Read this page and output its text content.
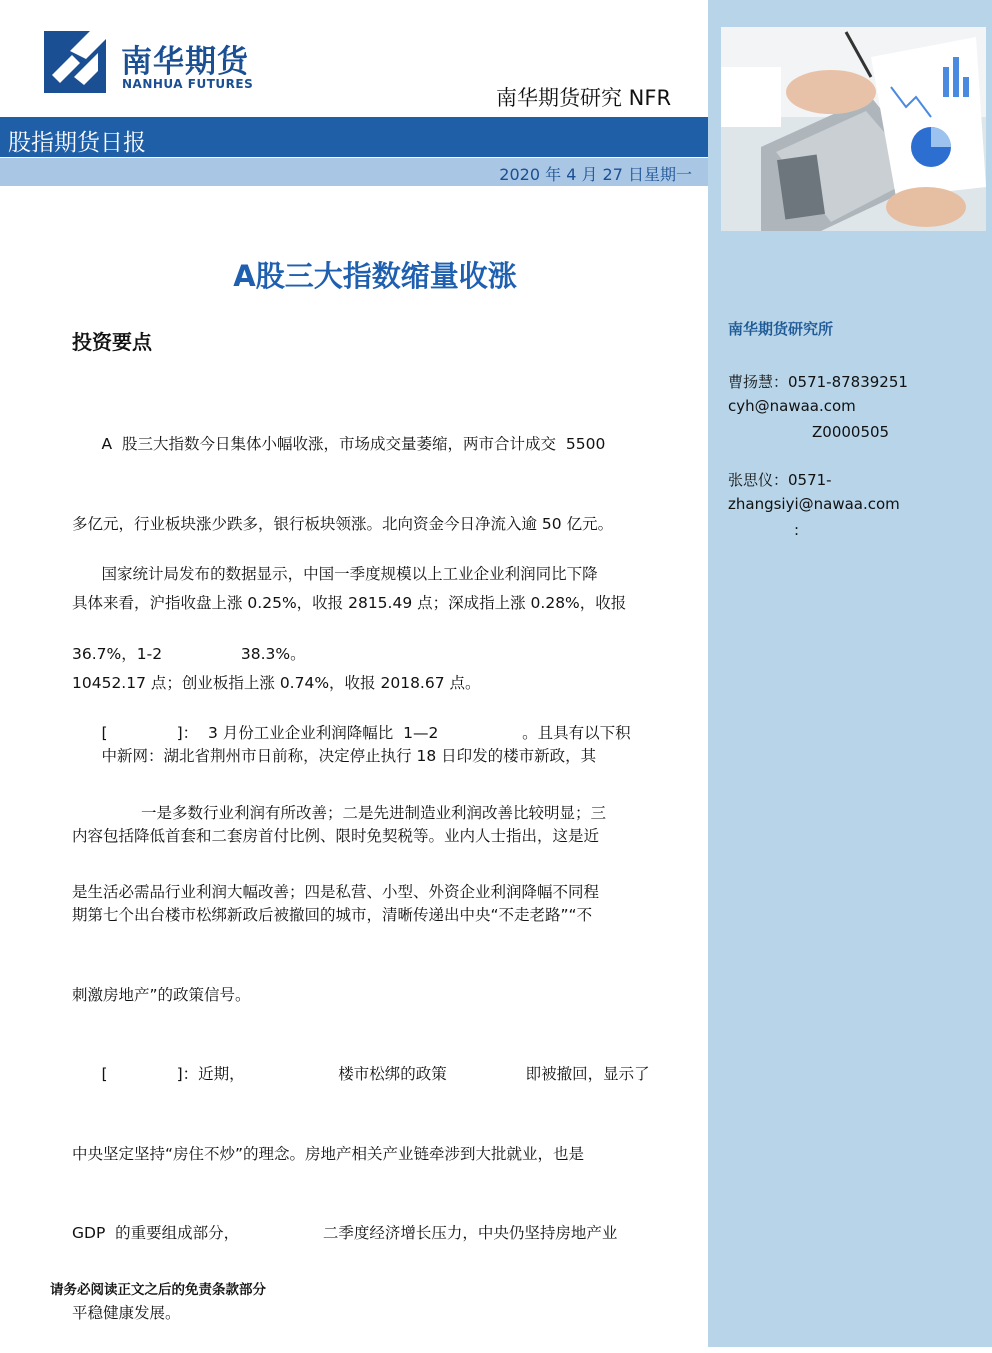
南华期货研究所
曹扬慧：0571-87839251
cyh@nawaa.com
Z0000505
张思仪：0571-
zhangsiyi@nawaa.com
:
南华期货
NANHUA FUTURES
南华期货研究 NFR
股指期货日报
2020 年 4 月 27 日星期一
A股三大指数缩量收涨
投资要点

A  股三大指数今日集体小幅收涨，市场成交量萎缩，两市合计成交  5500

多亿元，行业板块涨少跌多，银行板块领涨。北向资金今日净流入逾 50 亿元。

具体来看，沪指收盘上涨 0.25%，收报 2815.49 点；深成指上涨 0.28%，收报

10452.17 点；创业板指上涨 0.74%，收报 2018.67 点。

国家统计局发布的数据显示，中国一季度规模以上工业企业利润同比下降

36.7%，1-2                38.3%。

[              ]：  3 月份工业企业利润降幅比  1—2                 。且具有以下积

一是多数行业利润有所改善；二是先进制造业利润改善比较明显；三

是生活必需品行业利润大幅改善；四是私营、小型、外资企业利润降幅不同程

中新网：湖北省荆州市日前称，决定停止执行 18 日印发的楼市新政，其

内容包括降低首套和二套房首付比例、限时免契税等。业内人士指出，这是近

期第七个出台楼市松绑新政后被撤回的城市，清晰传递出中央“不走老路”“不

刺激房地产”的政策信号。

[              ]：近期，                   楼市松绑的政策                即被撤回，显示了

中央坚定坚持“房住不炒”的理念。房地产相关产业链牵涉到大批就业，也是

GDP  的重要组成部分，                 二季度经济增长压力，中央仍坚持房地产业

平稳健康发展。

请务必阅读正文之后的免责条款部分
